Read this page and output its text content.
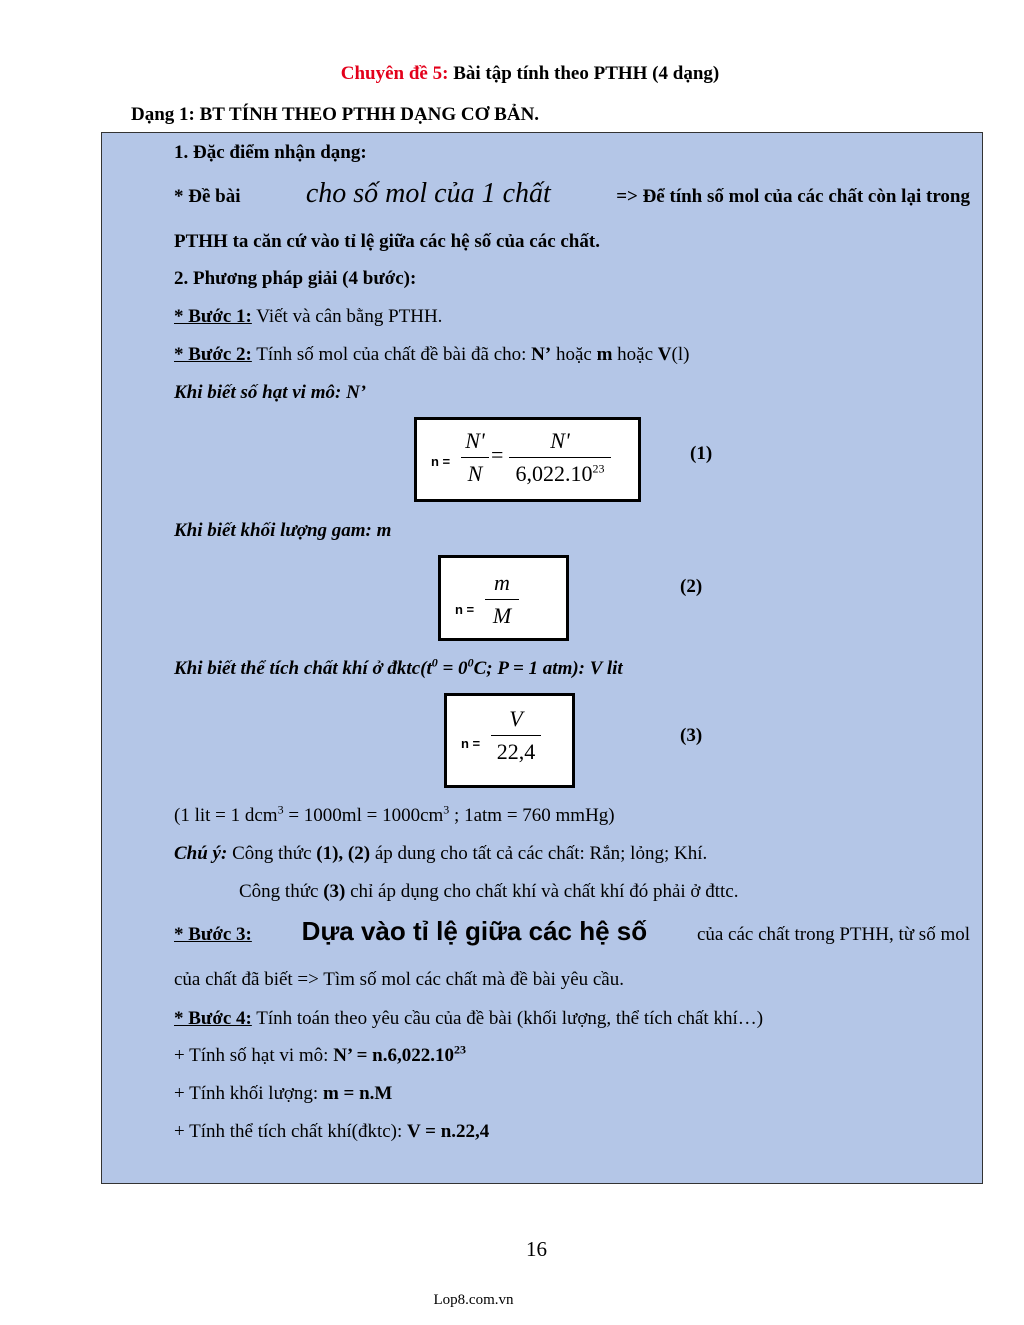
Chuyên đề 5: Bài tập tính theo PTHH (4 dạng)
Dạng 1: BT TÍNH THEO PTHH DẠNG CƠ BẢN.
1. Đặc điểm nhận dạng:
* Đề bài cho số mol của 1 chất	=> Để tính số mol của các chất còn lại trong
PTHH ta căn cứ vào tỉ lệ giữa các hệ số của các chất.
2. Phương pháp giải (4 bước):
* Bước 1: Viết và cân bằng PTHH.
* Bước 2: Tính số mol của chất đề bài đã cho: N’ hoặc m hoặc V(l)
Khi biết số hạt vi mô: N’
n =
N'
N
=
N'
6,022.10$^{23}$
(1)
Khi biết khối lượng gam: m
n =
m
M
(2)
Khi biết thể tích chất khí ở $đktc(t^0 = 0^0C$; P = 1 atm): V lit
n =
V
22,4
(3)
(1 lit = 1 $dcm^3 = 1000ml = 1000cm^3$ ; 1atm = 760 mmHg)
Chú ý: Công thức (1), (2) áp dung cho tất cả các chất: Rắn; lỏng; Khí.
Công thức (3) chỉ áp dụng cho chất khí và chất khí đó phải ở đttc.
* Bước 3: Dựa vào tỉ lệ giữa các hệ số	của các chất trong PTHH, từ số mol
của chất đã biết => Tìm số mol các chất mà đề bài yêu cầu.
* Bước 4: Tính toán theo yêu cầu của đề bài (khối lượng, thể tích chất khí…)
+ Tính số hạt vi mô: N’ = $n.6,022.10^{23}$
+ Tính khối lượng: m = n.M
+ Tính thể tích chất khí(đktc): V = n.22,4
16
Lop8.com.vn
